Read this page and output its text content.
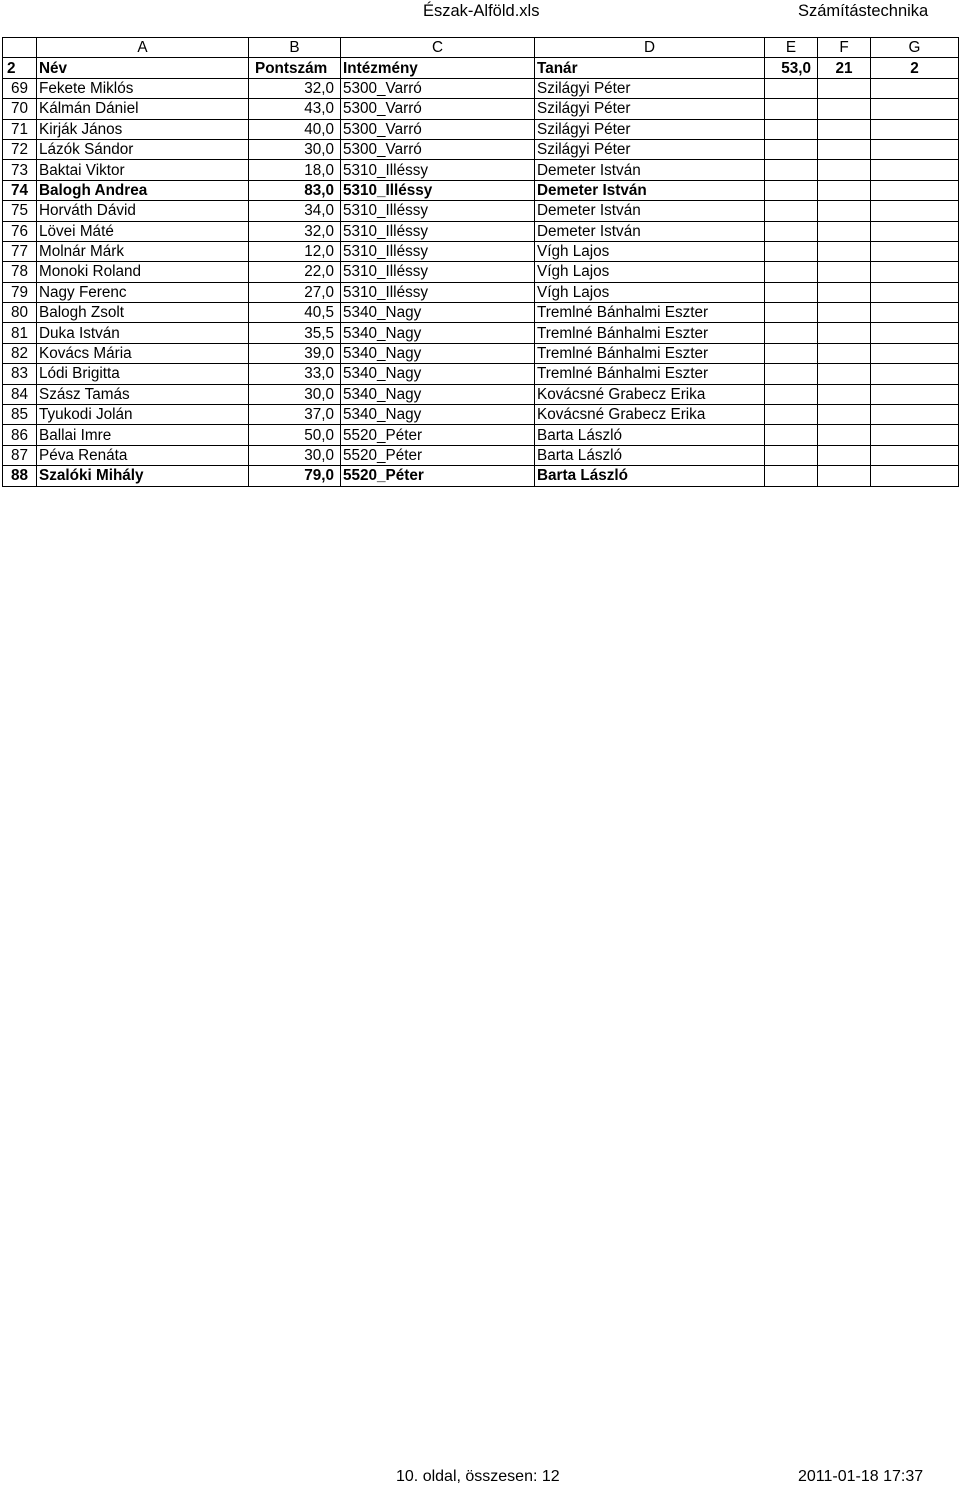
Észak-Alföld.xls	Számítástechnika
	A	B	C	D	E	F	G
2	Név	Pontszám	Intézmény	Tanár	53,0	21	2
69	Fekete Miklós	32,0	5300_Varró	Szilágyi Péter			
70	Kálmán Dániel	43,0	5300_Varró	Szilágyi Péter			
71	Kirják János	40,0	5300_Varró	Szilágyi Péter			
72	Lázók Sándor	30,0	5300_Varró	Szilágyi Péter			
73	Baktai Viktor	18,0	5310_Illéssy	Demeter István			
74	Balogh Andrea	83,0	5310_Illéssy	Demeter István			
75	Horváth Dávid	34,0	5310_Illéssy	Demeter István			
76	Lövei Máté	32,0	5310_Illéssy	Demeter István			
77	Molnár Márk	12,0	5310_Illéssy	Vígh Lajos			
78	Monoki Roland	22,0	5310_Illéssy	Vígh Lajos			
79	Nagy Ferenc	27,0	5310_Illéssy	Vígh Lajos			
80	Balogh Zsolt	40,5	5340_Nagy	Tremlné Bánhalmi Eszter			
81	Duka István	35,5	5340_Nagy	Tremlné Bánhalmi Eszter			
82	Kovács Mária	39,0	5340_Nagy	Tremlné Bánhalmi Eszter			
83	Lódi Brigitta	33,0	5340_Nagy	Tremlné Bánhalmi Eszter			
84	Szász Tamás	30,0	5340_Nagy	Kovácsné Grabecz Erika			
85	Tyukodi Jolán	37,0	5340_Nagy	Kovácsné Grabecz Erika			
86	Ballai Imre	50,0	5520_Péter	Barta László			
87	Péva Renáta	30,0	5520_Péter	Barta László			
88	Szalóki Mihály	79,0	5520_Péter	Barta László			
10. oldal, összesen: 12	2011-01-18 17:37
